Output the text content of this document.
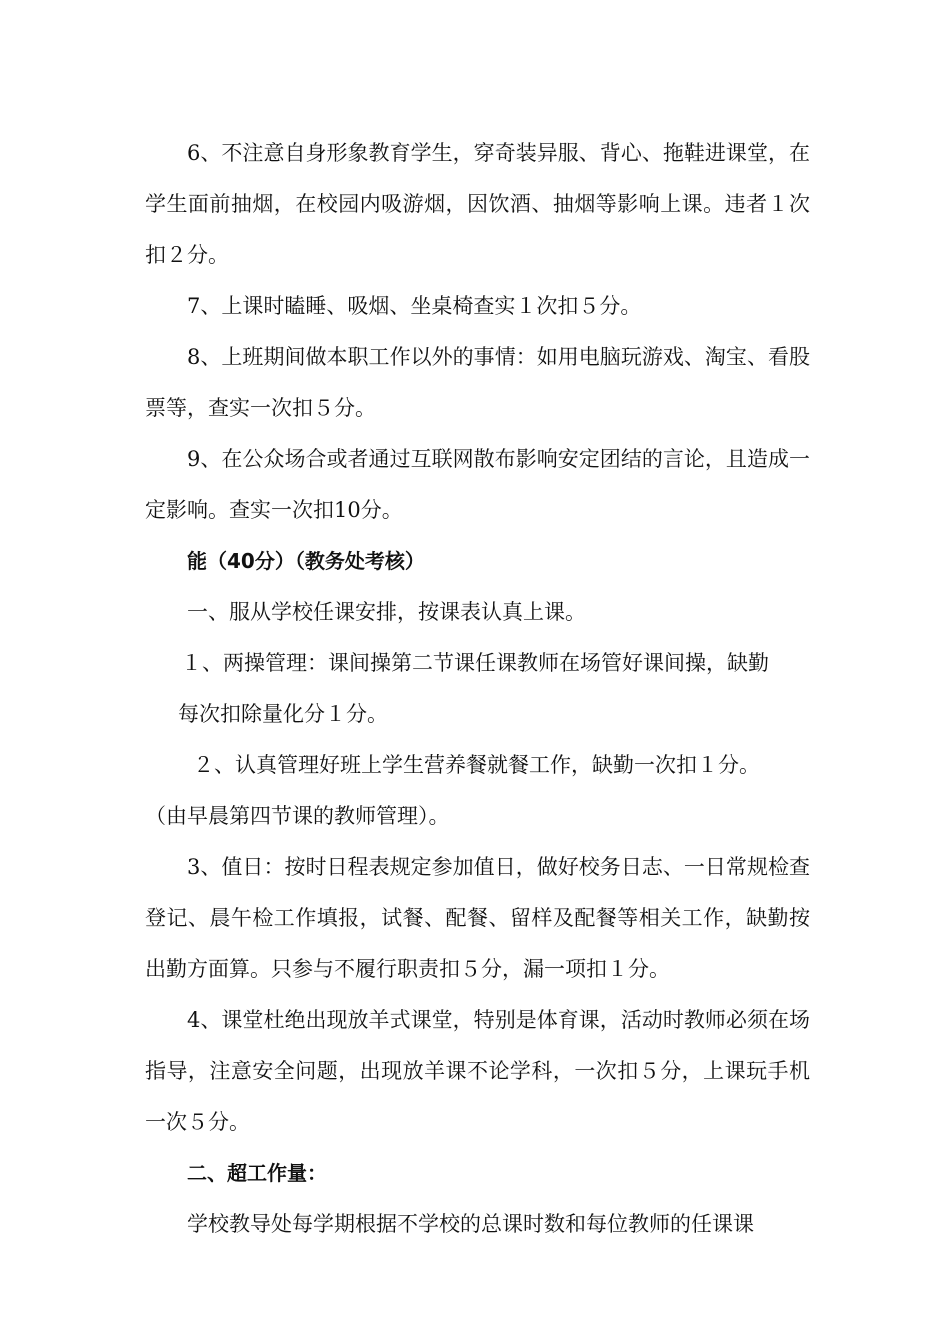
6、不注意自身形象教育学生，穿奇装异服、背心、拖鞋进课堂，在学生面前抽烟，在校园内吸游烟，因饮酒、抽烟等影响上课。违者１次扣２分。

7、上课时瞌睡、吸烟、坐桌椅查实１次扣５分。

8、上班期间做本职工作以外的事情：如用电脑玩游戏、淘宝、看股票等，查实一次扣５分。

9、在公众场合或者通过互联网散布影响安定团结的言论，且造成一定影响。查实一次扣10分。

能（40分）（教务处考核）

一、服从学校任课安排，按课表认真上课。

１、两操管理：课间操第二节课任课教师在场管好课间操，缺勤

每次扣除量化分１分。

２、认真管理好班上学生营养餐就餐工作，缺勤一次扣１分。

（由早晨第四节课的教师管理）。

3、值日：按时日程表规定参加值日，做好校务日志、一日常规检查登记、晨午检工作填报，试餐、配餐、留样及配餐等相关工作，缺勤按出勤方面算。只参与不履行职责扣５分，漏一项扣１分。

4、课堂杜绝出现放羊式课堂，特别是体育课，活动时教师必须在场指导，注意安全问题，出现放羊课不论学科，一次扣５分，上课玩手机一次５分。

二、超工作量：

学校教导处每学期根据不学校的总课时数和每位教师的任课课
